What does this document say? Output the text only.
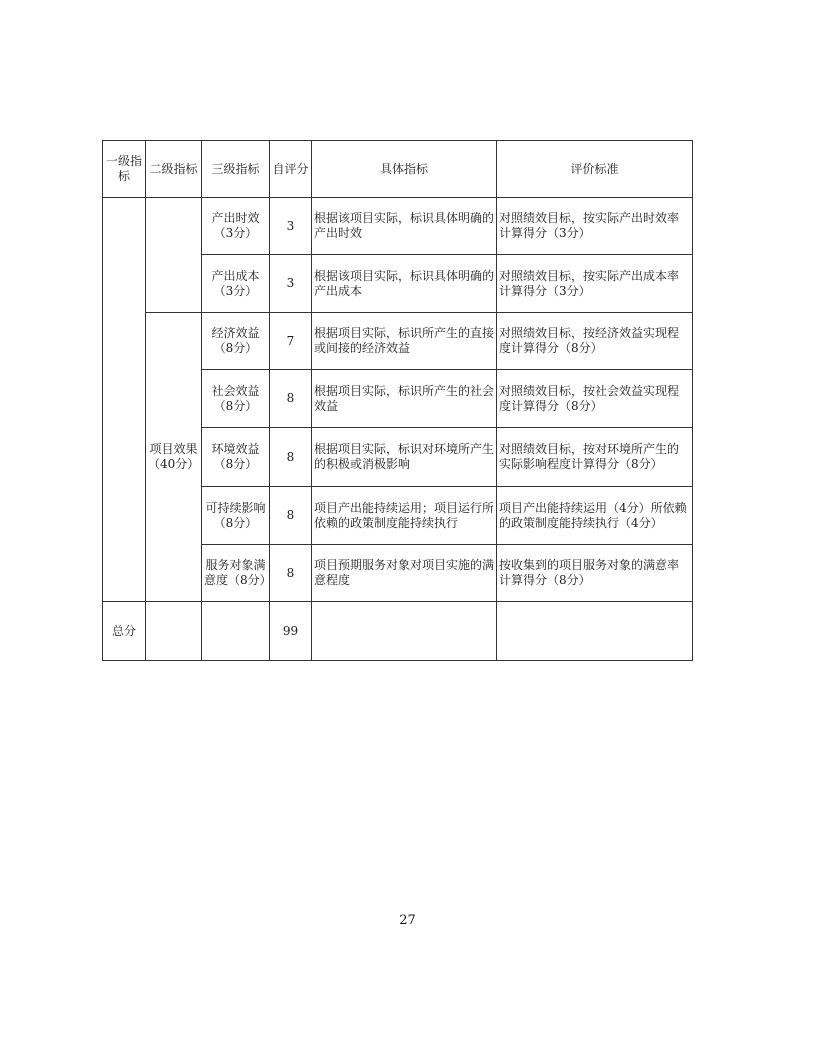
一级指标	二级指标	三级指标	自评分	具体指标	评价标准
		产出时效（3分）	3	根据该项目实际，标识具体明确的产出时效	对照绩效目标，按实际产出时效率计算得分（3分）
		产出成本（3分）	3	根据该项目实际，标识具体明确的产出成本	对照绩效目标，按实际产出成本率计算得分（3分）
	项目效果（40分）	经济效益（8分）	7	根据项目实际，标识所产生的直接或间接的经济效益	对照绩效目标，按经济效益实现程度计算得分（8分）
		社会效益（8分）	8	根据项目实际，标识所产生的社会效益	对照绩效目标，按社会效益实现程度计算得分（8分）
		环境效益（8分）	8	根据项目实际，标识对环境所产生的积极或消极影响	对照绩效目标，按对环境所产生的实际影响程度计算得分（8分）
		可持续影响（8分）	8	项目产出能持续运用；项目运行所依赖的政策制度能持续执行	项目产出能持续运用（4分）所依赖的政策制度能持续执行（4分）
		服务对象满意度（8分）	8	项目预期服务对象对项目实施的满意程度	按收集到的项目服务对象的满意率计算得分（8分）
总分			99		
27
